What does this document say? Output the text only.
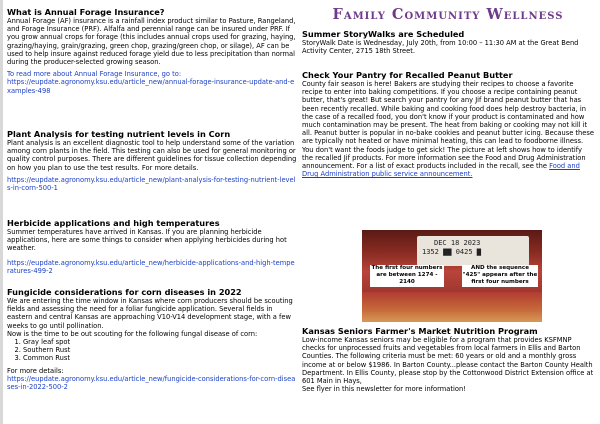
What is Annual Forage Insurance?

Annual Forage (AF) insurance is a rainfall index product similar to Pasture, Rangeland, and Forage Insurance (PRF). Alfalfa and perennial range can be insured under PRF. If you grow annual crops for forage (this includes annual crops used for grazing, haying, grazing/haying, grain/grazing, green chop, grazing/green chop, or silage), AF can be used to help insure against reduced forage yield due to less precipitation than normal during the producer-selected growing season.

To read more about Annual Forage Insurance, go to:

https://eupdate.agronomy.ksu.edu/article_new/annual-forage-insurance-update-and-examples-498
Plant Analysis for testing nutrient levels in Corn

Plant analysis is an excellent diagnostic tool to help understand some of the variation among corn plants in the field. This testing can also be used for general monitoring or quality control purposes. There are different guidelines for tissue collection depending on how you plan to use the test results. For more details.

https://eupdate.agronomy.ksu.edu/article_new/plant-analysis-for-testing-nutrient-levels-in-corn-500-1
Herbicide applications and high temperatures

Summer temperatures have arrived in Kansas. If you are planning herbicide applications, here are some things to consider when applying herbicides during hot weather.

https://eupdate.agronomy.ksu.edu/article_new/herbicide-applications-and-high-temperatures-499-2
Fungicide considerations for corn diseases in 2022

We are entering the time window in Kansas where corn producers should be scouting fields and assessing the need for a foliar fungicide application. Several fields in eastern and central Kansas are approaching V10-V14 development stage, with a few weeks to go until pollination.

Now is the time to be out scouting for the following fungal disease of corn:

1. Gray leaf spot
2. Southern Rust
3. Common Rust

For more details:

https://eupdate.agronomy.ksu.edu/article_new/fungicide-considerations-for-corn-diseases-in-2022-500-2
Family Community Wellness
Summer StoryWalks are Scheduled

StoryWalk Date is Wednesday, July 20th, from 10:00 – 11:30 AM at the Great Bend Activity Center, 2715 18th Street.

Check Your Pantry for Recalled Peanut Butter

County fair season is here! Bakers are studying their recipes to choose a favorite recipe to enter into baking competitions. If you choose a recipe containing peanut butter, that's great! But search your pantry for any Jif brand peanut butter that has been recently recalled. While baking and cooking food does help destroy bacteria, in the case of a recalled food, you don't know if your product is contaminated and how much contamination may be present. The heat from baking or cooking may not kill it all. Peanut butter is popular in no-bake cookies and peanut butter icing. Because these are typically not heated or have minimal heating, this can lead to foodborne illness. You don't want the foods judge to get sick! The picture at left shows how to identify the recalled Jif products. For more information see the Food and Drug Administration announcement. For a list of exact products included in the recall, see the Food and Drug Administration public service announcement.

Kansas Seniors Farmer's Market Nutrition Program

Low-income Kansas seniors may be eligible for a program that provides KSFMNP checks for unprocessed fruits and vegetables from local farmers in Ellis and Barton Counties. The following criteria must be met: 60 years or old and a monthly gross income at or below $1986. In Barton County...please contact the Barton County Health Department. In Ellis County, please stop by the Cottonwood District Extension office at 601 Main in Hays,

See flyer in this newsletter for more information!

DEC 18 2023
1352 ▇▇ 0425 ▇
The first four numbers are between 1274 - 2140
AND the sequence "425" appears after the first four numbers
